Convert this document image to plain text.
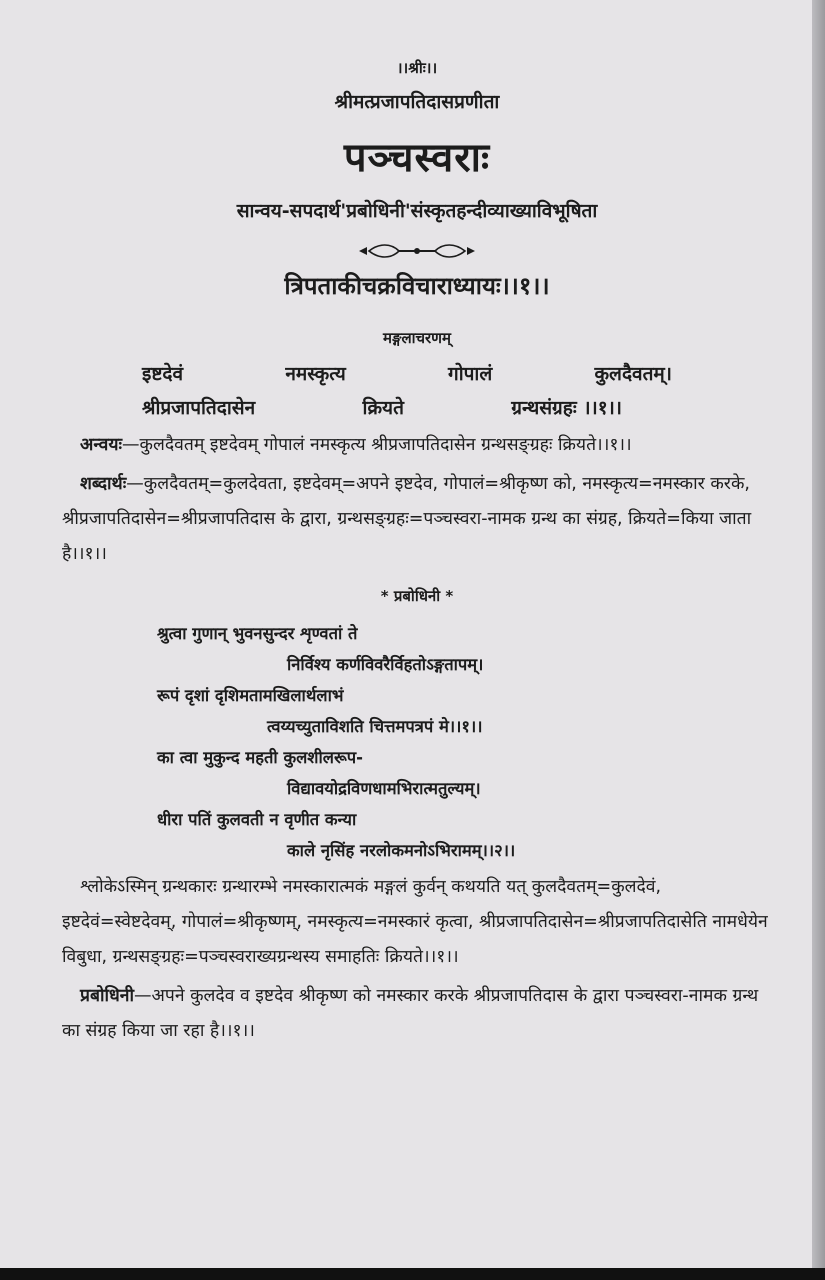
।।श्रीः।।
श्रीमत्प्रजापतिदासप्रणीता
पञ्चस्वराः
सान्वय-सपदार्थ'प्रबोधिनी'संस्कृतहन्दीव्याख्याविभूषिता
त्रिपताकीचक्रविचाराध्यायः।।१।।
मङ्गलाचरणम्
इष्टदेवं	नमस्कृत्य	गोपालं	कुलदैवतम्।
श्रीप्रजापतिदासेन	क्रियते	ग्रन्थसंग्रहः ।।१।।
अन्वयः—कुलदैवतम् इष्टदेवम् गोपालं नमस्कृत्य श्रीप्रजापतिदासेन ग्रन्थसङ्ग्रहः क्रियते।।१।।
शब्दार्थः—कुलदैवतम्=कुलदेवता, इष्टदेवम्=अपने इष्टदेव, गोपालं=श्रीकृष्ण को, नमस्कृत्य=नमस्कार करके, श्रीप्रजापतिदासेन=श्रीप्रजापतिदास के द्वारा, ग्रन्थसङ्ग्रहः=पञ्चस्वरा-नामक ग्रन्थ का संग्रह, क्रियते=किया जाता है।।१।।
* प्रबोधिनी *
श्रुत्वा गुणान् भुवनसुन्दर शृण्वतां ते
निर्विश्य कर्णविवरैर्विहतोऽङ्गतापम्।
रूपं दृशां दृशिमतामखिलार्थलाभं
त्वय्यच्युताविशति चित्तमपत्रपं मे।।१।।
का त्वा मुकुन्द महती कुलशीलरूप-
विद्यावयोद्रविणधामभिरात्मतुल्यम्।
धीरा पतिं कुलवती न वृणीत कन्या
काले नृसिंह नरलोकमनोऽभिरामम्।।२।।
श्लोकेऽस्मिन् ग्रन्थकारः ग्रन्थारम्भे नमस्कारात्मकं मङ्गलं कुर्वन् कथयति यत् कुलदैवतम्=कुलदेवं, इष्टदेवं=स्वेष्टदेवम्, गोपालं=श्रीकृष्णम्, नमस्कृत्य=नमस्कारं कृत्वा, श्रीप्रजापतिदासेन=श्रीप्रजापतिदासेति नामधेयेन विबुधा, ग्रन्थसङ्ग्रहः=पञ्चस्वराख्यग्रन्थस्य समाहतिः क्रियते।।१।।
प्रबोधिनी—अपने कुलदेव व इष्टदेव श्रीकृष्ण को नमस्कार करके श्रीप्रजापतिदास के द्वारा पञ्चस्वरा-नामक ग्रन्थ का संग्रह किया जा रहा है।।१।।
